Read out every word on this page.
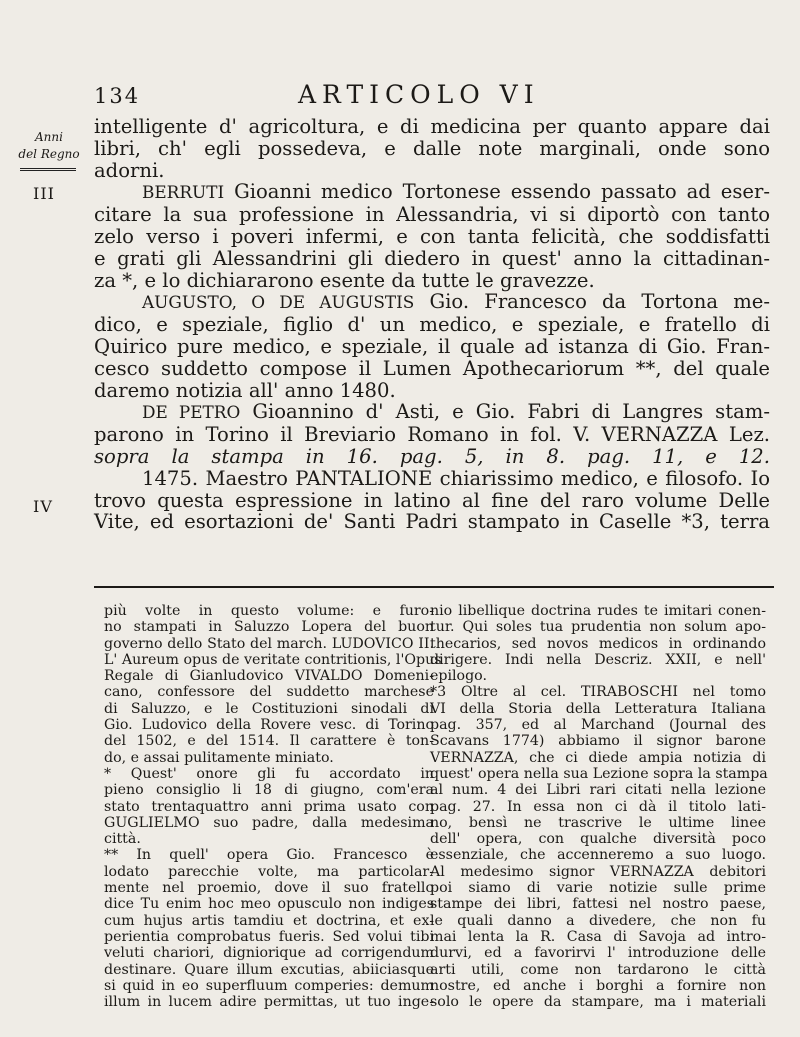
134	ARTICOLO VI
Anni
del Regno
III
IV
intelligente d' agricoltura, e di medicina per quanto appare dai
libri, ch' egli possedeva, e dalle note marginali, onde sono
adorni.
BERRUTI Gioanni medico Tortonese essendo passato ad eser-
citare la sua professione in Alessandria, vi si diportò con tanto
zelo verso i poveri infermi, e con tanta felicità, che soddisfatti
e grati gli Alessandrini gli diedero in quest' anno la cittadinan-
za *, e lo dichiararono esente da tutte le gravezze.
AUGUSTO, O DE AUGUSTIS Gio. Francesco da Tortona me-
dico, e speziale, figlio d' un medico, e speziale, e fratello di
Quirico pure medico, e speziale, il quale ad istanza di Gio. Fran-
cesco suddetto compose il Lumen Apothecariorum **, del quale
daremo notizia all' anno 1480.
DE PETRO Gioannino d' Asti, e Gio. Fabri di Langres stam-
parono in Torino il Breviario Romano in fol. V. VERNAZZA Lez.
sopra la stampa in 16. pag. 5, in 8. pag. 11, e 12.
1475. Maestro PANTALIONE chiarissimo medico, e filosofo. Io
trovo questa espressione in latino al fine del raro volume Delle
Vite, ed esortazioni de' Santi Padri stampato in Caselle *3, terra
più volte in questo volume: e furo-
no stampati in Saluzzo Lopera del buon
governo dello Stato del march. LUDOVICO II.
L' Aureum opus de veritate contritionis, l'Opus
Regale di Gianludovico VIVALDO Domeni-
cano, confessore del suddetto marchese
di Saluzzo, e le Costituzioni sinodali di
Gio. Ludovico della Rovere vesc. di Torino
del 1502, e del 1514. Il carattere è ton-
do, e assai pulitamente miniato.
* Quest' onore gli fu accordato in
pieno consiglio li 18 di giugno, com'era
stato trentaquattro anni prima usato con
GUGLIELMO suo padre, dalla medesima
città.
** In quell' opera Gio. Francesco è
lodato parecchie volte, ma particolar-
mente nel proemio, dove il suo fratello
dice Tu enim hoc meo opusculo non indiges
cum hujus artis tamdiu et doctrina, et ex-
perientia comprobatus fueris. Sed volui tibi
veluti chariori, digniorique ad corrigendum
destinare. Quare illum excutias, abiiciasque
si quid in eo superfluum comperies: demum
illum in lucem adire permittas, ut tuo inge-
nio libellique doctrina rudes te imitari conen-
tur. Qui soles tua prudentia non solum apo-
thecarios, sed novos medicos in ordinando
dirigere. Indi nella Descriz. XXII, e nell'
epilogo.
*3 Oltre al cel. TIRABOSCHI nel tomo
VI della Storia della Letteratura Italiana
pag. 357, ed al Marchand (Journal des
Scavans 1774) abbiamo il signor barone
VERNAZZA, che ci diede ampia notizia di
quest' opera nella sua Lezione sopra la stampa
al num. 4 dei Libri rari citati nella lezione
pag. 27. In essa non ci dà il titolo lati-
no, bensì ne trascrive le ultime linee
dell' opera, con qualche diversità poco
essenziale, che accenneremo a suo luogo.
Al medesimo signor VERNAZZA debitori
poi siamo di varie notizie sulle prime
stampe dei libri, fattesi nel nostro paese,
le quali danno a divedere, che non fu
mai lenta la R. Casa di Savoja ad intro-
durvi, ed a favorirvi l' introduzione delle
arti utili, come non tardarono le città
nostre, ed anche i borghi a fornire non
solo le opere da stampare, ma i materiali
